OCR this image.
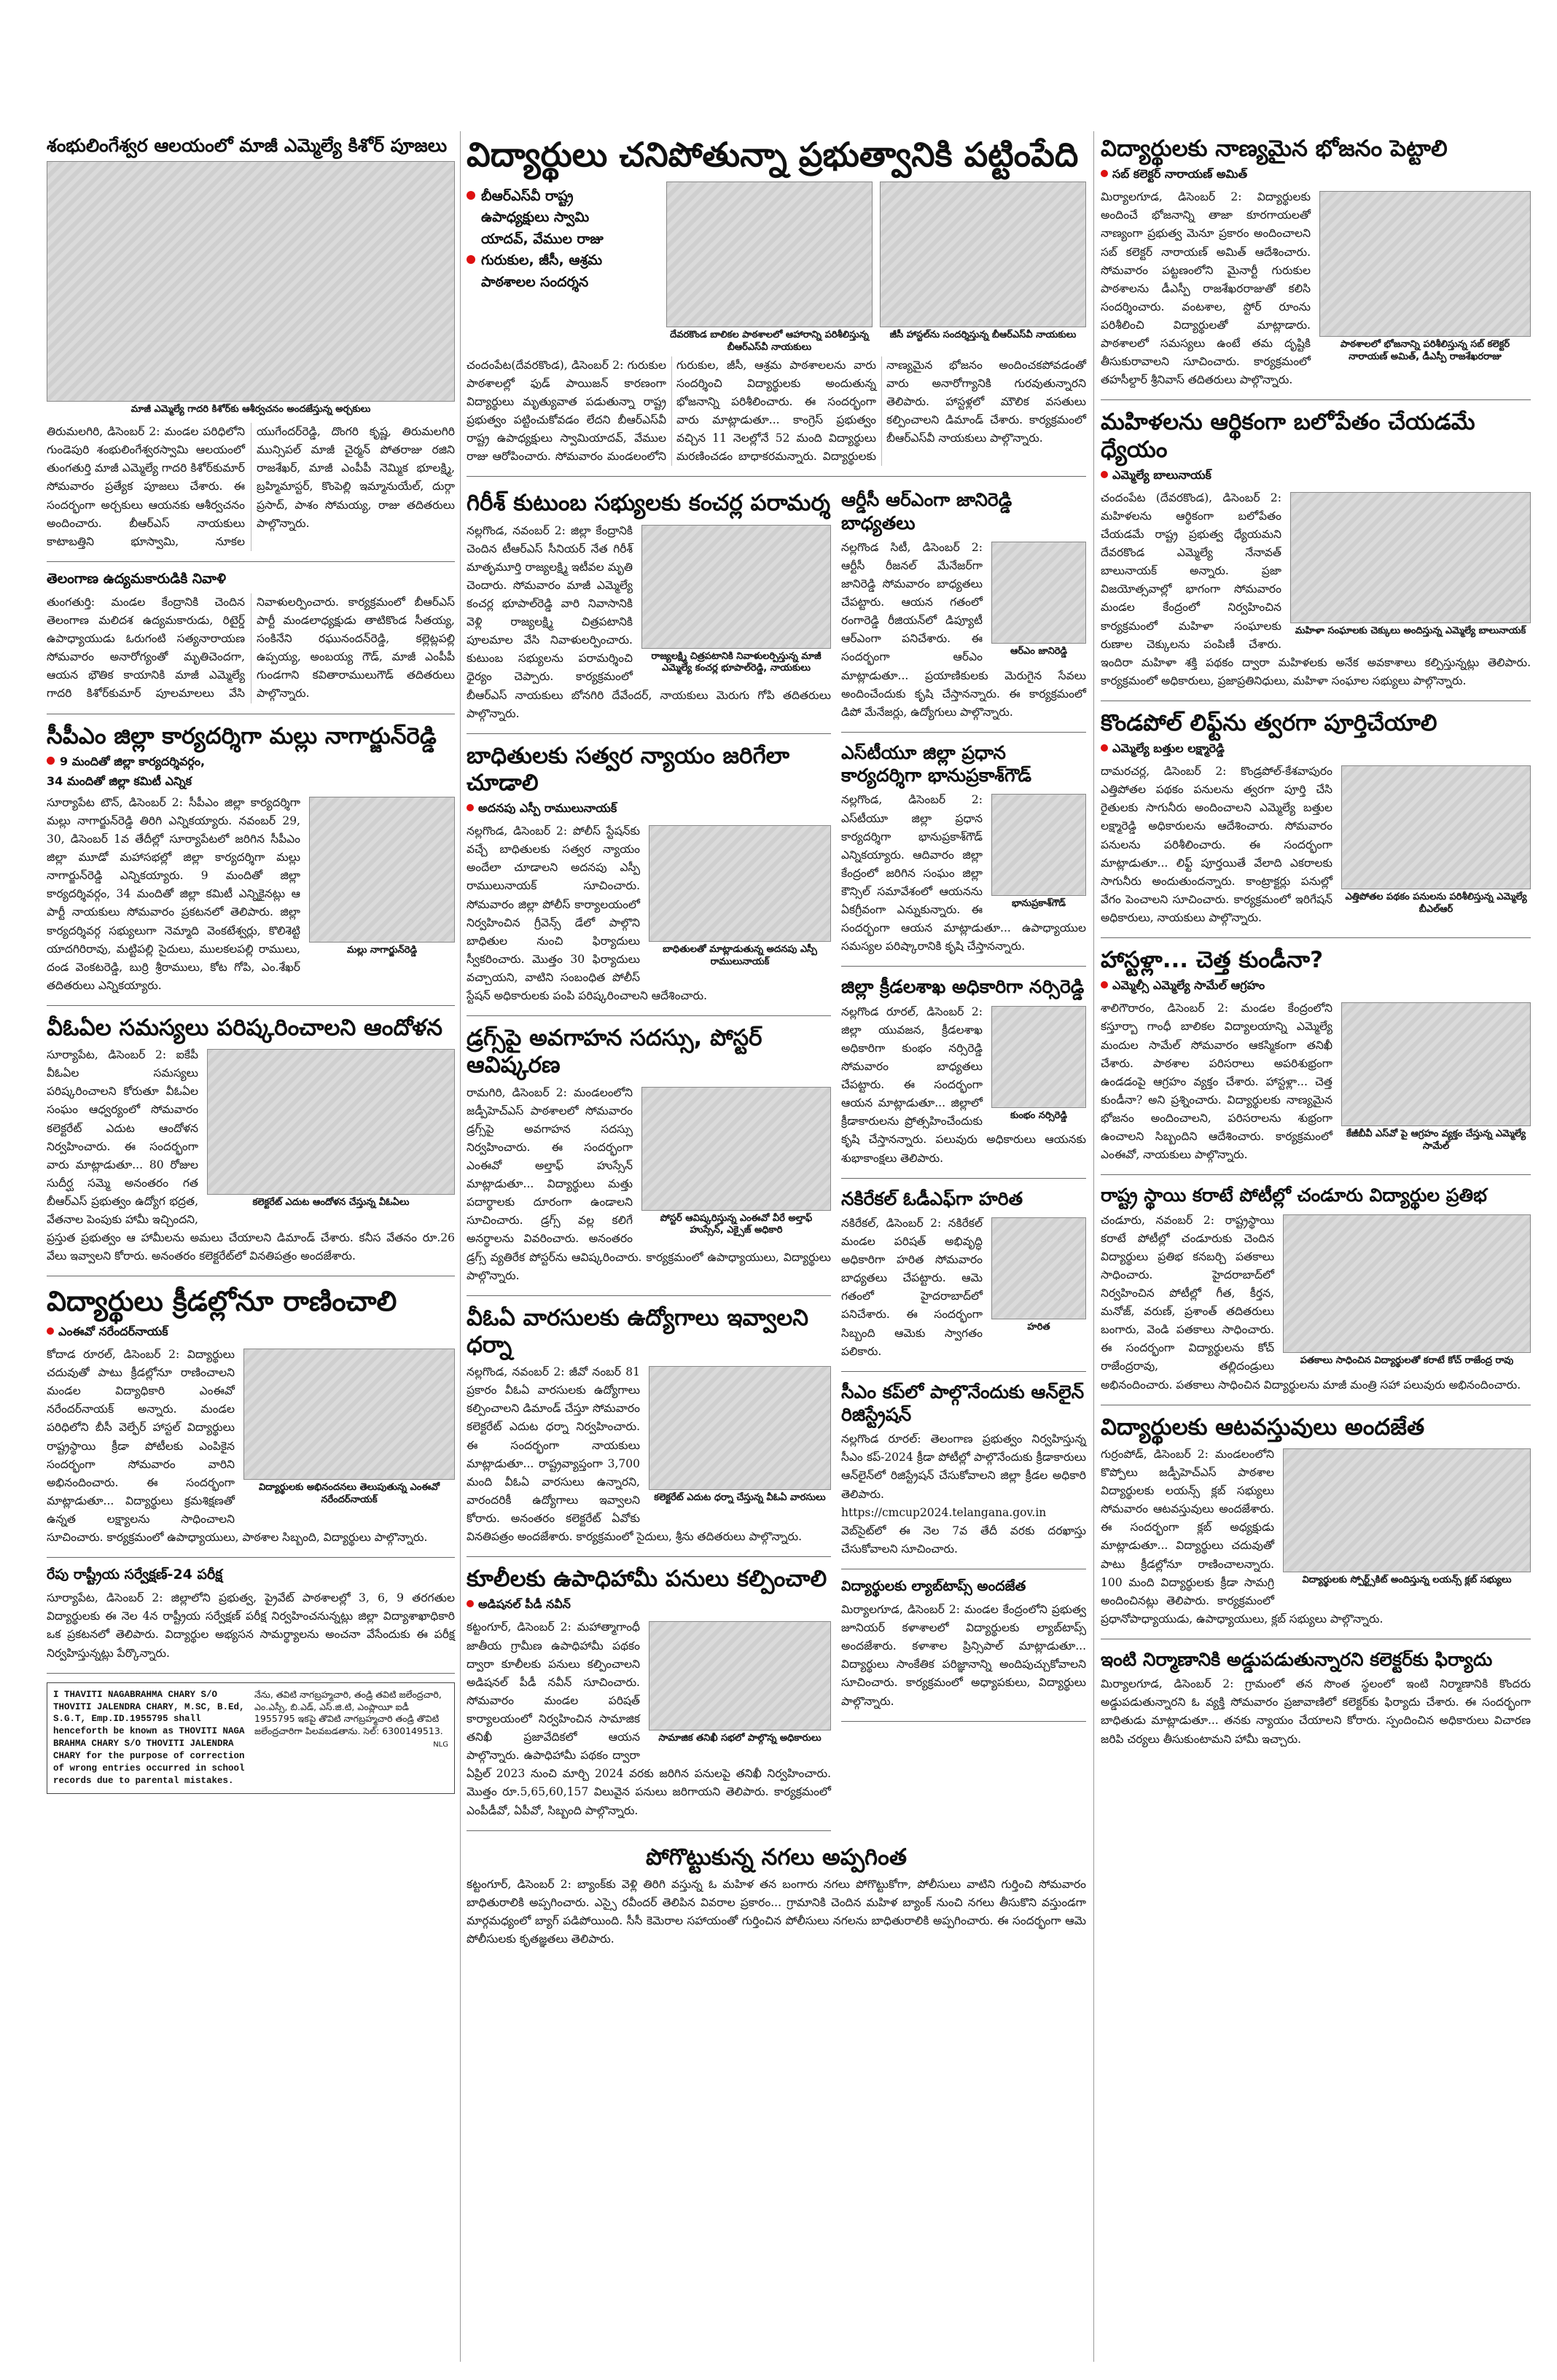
శంభులింగేశ్వర ఆలయంలో మాజీ ఎమ్మెల్యే కిశోర్ పూజలు
మాజీ ఎమ్మెల్యే గాదరి కిశోర్‌కు ఆశీర్వచనం అందజేస్తున్న అర్చకులు

తిరుమలగిరి, డిసెంబర్ 2: మండల పరిధిలోని గుండెపురి శంభులింగేశ్వరస్వామి ఆలయంలో తుంగతుర్తి మాజీ ఎమ్మెల్యే గాదరి కిశోర్‌కుమార్ సోమవారం ప్రత్యేక పూజలు చేశారు. ఈ సందర్భంగా అర్చకులు ఆయనకు ఆశీర్వచనం అందించారు. బీఆర్‌ఎస్ నాయకులు కాటాబత్తిని భూస్వామి, నూకల యుగేందర్‌రెడ్డి, దొంగరి కృష్ణ, తిరుమలగిరి మున్సిపల్ మాజీ చైర్మన్ పోతరాజు రజిని రాజశేఖర్, మాజీ ఎంపీపీ నెమ్మిక భూలక్ష్మి, బ్రహ్మిమాస్టర్, కొంపెల్లి ఇమ్మానుయేల్, దుర్గా ప్రసాద్, పాశం సోమయ్య, రాజు తదితరులు పాల్గొన్నారు.

తెలంగాణ ఉద్యమకారుడికి నివాళి

తుంగతుర్తి: మండల కేంద్రానికి చెందిన తెలంగాణ మలిదశ ఉద్యమకారుడు, రిటైర్డ్ ఉపాధ్యాయుడు ఓరుగంటి సత్యనారాయణ సోమవారం అనారోగ్యంతో మృతిచెందగా, ఆయన భౌతిక కాయానికి మాజీ ఎమ్మెల్యే గాదరి కిశోర్‌కుమార్ పూలమాలలు వేసి నివాళులర్పించారు. కార్యక్రమంలో బీఆర్‌ఎస్ పార్టీ మండలాధ్యక్షుడు తాటికొండ సీతయ్య, సంకినేని రఘునందన్‌రెడ్డి, కల్లెట్లపల్లి ఉప్పయ్య, అంబయ్య గౌడ్, మాజీ ఎంపీపీ గుండగాని కవితారాములుగౌడ్ తదితరులు పాల్గొన్నారు.

సీపీఎం జిల్లా కార్యదర్శిగా మల్లు నాగార్జున్‌రెడ్డి
9 మందితో జిల్లా కార్యదర్శివర్గం,
34 మందితో జిల్లా కమిటీ ఎన్నిక
మల్లు నాగార్జున్‌రెడ్డి

సూర్యాపేట టౌన్, డిసెంబర్ 2: సీపీఎం జిల్లా కార్యదర్శిగా మల్లు నాగార్జున్‌రెడ్డి తిరిగి ఎన్నికయ్యారు. నవంబర్ 29, 30, డిసెంబర్ 1వ తేదీల్లో సూర్యాపేటలో జరిగిన సీపీఎం జిల్లా మూడో మహాసభల్లో జిల్లా కార్యదర్శిగా మల్లు నాగార్జున్‌రెడ్డి ఎన్నికయ్యారు. 9 మందితో జిల్లా కార్యదర్శివర్గం, 34 మందితో జిల్లా కమిటీ ఎన్నికైనట్లు ఆ పార్టీ నాయకులు సోమవారం ప్రకటనలో తెలిపారు. జిల్లా కార్యదర్శివర్గ సభ్యులుగా నెమ్మాది వెంకటేశ్వర్లు, కొలిశెట్టి యాదగిరిరావు, మట్టిపల్లి సైదులు, ములకలపల్లి రాములు, దండ వెంకటరెడ్డి, బుర్రి శ్రీరాములు, కోట గోపి, ఎం.శేఖర్ తదితరులు ఎన్నికయ్యారు.

వీఓఏల సమస్యలు పరిష్కరించాలని ఆందోళన
కలెక్టరేట్ ఎదుట ఆందోళన చేస్తున్న వీఓఏలు

సూర్యాపేట, డిసెంబర్ 2: ఐకేపీ వీఓఏల సమస్యలు పరిష్కరించాలని కోరుతూ వీఓఏల సంఘం ఆధ్వర్యంలో సోమవారం కలెక్టరేట్ ఎదుట ఆందోళన నిర్వహించారు. ఈ సందర్భంగా వారు మాట్లాడుతూ... 80 రోజుల సుదీర్ఘ సమ్మె అనంతరం గత బీఆర్‌ఎస్ ప్రభుత్వం ఉద్యోగ భద్రత, వేతనాల పెంపుకు హామీ ఇచ్చిందని, ప్రస్తుత ప్రభుత్వం ఆ హామీలను అమలు చేయాలని డిమాండ్ చేశారు. కనీస వేతనం రూ.26 వేలు ఇవ్వాలని కోరారు. అనంతరం కలెక్టరేట్‌లో వినతిపత్రం అందజేశారు.

విద్యార్థులు క్రీడల్లోనూ రాణించాలి
ఎంఈవో నరేందర్‌నాయక్
విద్యార్థులకు అభినందనలు తెలుపుతున్న ఎంఈవో నరేందర్‌నాయక్

కోదాడ రూరల్, డిసెంబర్ 2: విద్యార్థులు చదువుతో పాటు క్రీడల్లోనూ రాణించాలని మండల విద్యాధికారి ఎంఈవో నరేందర్‌నాయక్ అన్నారు. మండల పరిధిలోని బీసీ వెల్ఫేర్ హాస్టల్ విద్యార్థులు రాష్ట్రస్థాయి క్రీడా పోటీలకు ఎంపికైన సందర్భంగా సోమవారం వారిని అభినందించారు. ఈ సందర్భంగా మాట్లాడుతూ... విద్యార్థులు క్రమశిక్షణతో ఉన్నత లక్ష్యాలను సాధించాలని సూచించారు. కార్యక్రమంలో ఉపాధ్యాయులు, పాఠశాల సిబ్బంది, విద్యార్థులు పాల్గొన్నారు.

రేపు రాష్ట్రీయ సర్వేక్షణ్-24 పరీక్ష

సూర్యాపేట, డిసెంబర్ 2: జిల్లాలోని ప్రభుత్వ, ప్రైవేట్ పాఠశాలల్లో 3, 6, 9 తరగతుల విద్యార్థులకు ఈ నెల 4న రాష్ట్రీయ సర్వేక్షణ్ పరీక్ష నిర్వహించనున్నట్లు జిల్లా విద్యాశాఖాధికారి ఒక ప్రకటనలో తెలిపారు. విద్యార్థుల అభ్యసన సామర్థ్యాలను అంచనా వేసేందుకు ఈ పరీక్ష నిర్వహిస్తున్నట్లు పేర్కొన్నారు.

I THAVITI NAGABRAHMA CHARY S/O THOVITI JALENDRA CHARY, M.SC, B.Ed, S.G.T, Emp.ID.1955795 shall henceforth be known as THOVITI NAGA BRAHMA CHARY S/O THOVITI JALENDRA CHARY for the purpose of correction of wrong entries occurred in school records due to parental mistakes.
నేను, తవిటి నాగబ్రహ్మచారి, తండ్రి తవిటి జలేంద్రచారి, ఎం.ఎస్సీ, బి.ఎడ్, ఎస్.జి.టి, ఎంప్లాయీ ఐడీ 1955795 ఇకపై తొవిటి నాగబ్రహ్మచారి తండ్రి తొవిటి జలేంద్రచారిగా పిలవబడతాను. సెల్: 6300149513.
NLG
విద్యార్థులు చనిపోతున్నా ప్రభుత్వానికి పట్టింపేది
బీఆర్‌ఎస్‌వీ రాష్ట్ర
ఉపాధ్యక్షులు స్వామి
యాదవ్, వేముల రాజు
గురుకుల, జీసీ, ఆశ్రమ
పాఠశాలల సందర్శన
దేవరకొండ బాలికల పాఠశాలలో ఆహారాన్ని పరిశీలిస్తున్న బీఆర్‌ఎస్‌వీ నాయకులు
జీసీ హాస్టల్‌ను సందర్శిస్తున్న బీఆర్‌ఎస్‌వీ నాయకులు

చందంపేట(దేవరకొండ), డిసెంబర్ 2: గురుకుల పాఠశాలల్లో ఫుడ్ పాయిజన్ కారణంగా విద్యార్థులు మృత్యువాత పడుతున్నా రాష్ట్ర ప్రభుత్వం పట్టించుకోవడం లేదని బీఆర్‌ఎస్‌వీ రాష్ట్ర ఉపాధ్యక్షులు స్వామియాదవ్, వేముల రాజు ఆరోపించారు. సోమవారం మండలంలోని గురుకుల, జీసీ, ఆశ్రమ పాఠశాలలను వారు సందర్శించి విద్యార్థులకు అందుతున్న భోజనాన్ని పరిశీలించారు. ఈ సందర్భంగా వారు మాట్లాడుతూ... కాంగ్రెస్ ప్రభుత్వం వచ్చిన 11 నెలల్లోనే 52 మంది విద్యార్థులు మరణించడం బాధాకరమన్నారు. విద్యార్థులకు నాణ్యమైన భోజనం అందించకపోవడంతో వారు అనారోగ్యానికి గురవుతున్నారని తెలిపారు. హాస్టళ్లలో మౌలిక వసతులు కల్పించాలని డిమాండ్ చేశారు. కార్యక్రమంలో బీఆర్‌ఎస్‌వీ నాయకులు పాల్గొన్నారు.

గిరీశ్ కుటుంబ సభ్యులకు కంచర్ల పరామర్శ
రాజ్యలక్ష్మి చిత్రపటానికి నివాళులర్పిస్తున్న మాజీ ఎమ్మెల్యే కంచర్ల భూపాల్‌రెడ్డి, నాయకులు

నల్లగొండ, నవంబర్ 2: జిల్లా కేంద్రానికి చెందిన టీఆర్‌ఎస్ సీనియర్ నేత గిరీశ్ మాతృమూర్తి రాజ్యలక్ష్మి ఇటీవల మృతి చెందారు. సోమవారం మాజీ ఎమ్మెల్యే కంచర్ల భూపాల్‌రెడ్డి వారి నివాసానికి వెళ్లి రాజ్యలక్ష్మి చిత్రపటానికి పూలమాల వేసి నివాళులర్పించారు. కుటుంబ సభ్యులను పరామర్శించి ధైర్యం చెప్పారు. కార్యక్రమంలో బీఆర్‌ఎస్ నాయకులు బోనగిరి దేవేందర్, నాయకులు మెరుగు గోపి తదితరులు పాల్గొన్నారు.

బాధితులకు సత్వర న్యాయం జరిగేలా చూడాలి
అదనపు ఎస్పీ రాములునాయక్
బాధితులతో మాట్లాడుతున్న అదనపు ఎస్పీ రాములునాయక్

నల్లగొండ, డిసెంబర్ 2: పోలీస్ స్టేషన్‌కు వచ్చే బాధితులకు సత్వర న్యాయం అందేలా చూడాలని అదనపు ఎస్పీ రాములునాయక్ సూచించారు. సోమవారం జిల్లా పోలీస్ కార్యాలయంలో నిర్వహించిన గ్రీవెన్స్ డేలో పాల్గొని బాధితుల నుంచి ఫిర్యాదులు స్వీకరించారు. మొత్తం 30 ఫిర్యాదులు వచ్చాయని, వాటిని సంబంధిత పోలీస్ స్టేషన్ అధికారులకు పంపి పరిష్కరించాలని ఆదేశించారు.

డ్రగ్స్‌పై అవగాహన సదస్సు, పోస్టర్ ఆవిష్కరణ
పోస్టర్ ఆవిష్కరిస్తున్న ఎంఈవో వీరే అల్తాఫ్ హుస్సేన్, ఎక్సైజ్ అధికారి

రామగిరి, డిసెంబర్ 2: మండలంలోని జడ్పీహెచ్‌ఎస్ పాఠశాలలో సోమవారం డ్రగ్స్‌పై అవగాహన సదస్సు నిర్వహించారు. ఈ సందర్భంగా ఎంఈవో అల్తాఫ్ హుస్సేన్ మాట్లాడుతూ... విద్యార్థులు మత్తు పదార్థాలకు దూరంగా ఉండాలని సూచించారు. డ్రగ్స్ వల్ల కలిగే అనర్థాలను వివరించారు. అనంతరం డ్రగ్స్ వ్యతిరేక పోస్టర్‌ను ఆవిష్కరించారు. కార్యక్రమంలో ఉపాధ్యాయులు, విద్యార్థులు పాల్గొన్నారు.

వీఓఏ వారసులకు ఉద్యోగాలు ఇవ్వాలని ధర్నా
కలెక్టరేట్ ఎదుట ధర్నా చేస్తున్న వీఓఏ వారసులు

నల్లగొండ, నవంబర్ 2: జీవో నంబర్ 81 ప్రకారం వీఓఏ వారసులకు ఉద్యోగాలు కల్పించాలని డిమాండ్ చేస్తూ సోమవారం కలెక్టరేట్ ఎదుట ధర్నా నిర్వహించారు. ఈ సందర్భంగా నాయకులు మాట్లాడుతూ... రాష్ట్రవ్యాప్తంగా 3,700 మంది వీఓఏ వారసులు ఉన్నారని, వారందరికీ ఉద్యోగాలు ఇవ్వాలని కోరారు. అనంతరం కలెక్టరేట్ ఏవోకు వినతిపత్రం అందజేశారు. కార్యక్రమంలో సైదులు, శ్రీను తదితరులు పాల్గొన్నారు.

కూలీలకు ఉపాధిహామీ పనులు కల్పించాలి
అడిషనల్ పీడీ నవీన్
సామాజిక తనిఖీ సభలో పాల్గొన్న అధికారులు

కట్టంగూర్, డిసెంబర్ 2: మహాత్మాగాంధీ జాతీయ గ్రామీణ ఉపాధిహామీ పథకం ద్వారా కూలీలకు పనులు కల్పించాలని అడిషనల్ పీడీ నవీన్ సూచించారు. సోమవారం మండల పరిషత్ కార్యాలయంలో నిర్వహించిన సామాజిక తనిఖీ ప్రజావేదికలో ఆయన పాల్గొన్నారు. ఉపాధిహామీ పథకం ద్వారా ఏప్రిల్ 2023 నుంచి మార్చి 2024 వరకు జరిగిన పనులపై తనిఖీ నిర్వహించారు. మొత్తం రూ.5,65,60,157 విలువైన పనులు జరిగాయని తెలిపారు. కార్యక్రమంలో ఎంపీడీవో, ఏపీవో, సిబ్బంది పాల్గొన్నారు.

ఆర్డీసీ ఆర్‌ఎంగా జానిరెడ్డి బాధ్యతలు
ఆర్‌ఎం జానిరెడ్డి

నల్లగొండ సిటీ, డిసెంబర్ 2: ఆర్టీసీ రీజనల్ మేనేజర్‌గా జానిరెడ్డి సోమవారం బాధ్యతలు చేపట్టారు. ఆయన గతంలో రంగారెడ్డి రీజియన్‌లో డిప్యూటీ ఆర్‌ఎంగా పనిచేశారు. ఈ సందర్భంగా ఆర్‌ఎం మాట్లాడుతూ... ప్రయాణికులకు మెరుగైన సేవలు అందించేందుకు కృషి చేస్తానన్నారు. ఈ కార్యక్రమంలో డిపో మేనేజర్లు, ఉద్యోగులు పాల్గొన్నారు.

ఎస్‌టీయూ జిల్లా ప్రధాన కార్యదర్శిగా భానుప్రకాశ్‌గౌడ్
భానుప్రకాశ్‌గౌడ్

నల్లగొండ, డిసెంబర్ 2: ఎస్‌టీయూ జిల్లా ప్రధాన కార్యదర్శిగా భానుప్రకాశ్‌గౌడ్ ఎన్నికయ్యారు. ఆదివారం జిల్లా కేంద్రంలో జరిగిన సంఘం జిల్లా కౌన్సిల్ సమావేశంలో ఆయనను ఏకగ్రీవంగా ఎన్నుకున్నారు. ఈ సందర్భంగా ఆయన మాట్లాడుతూ... ఉపాధ్యాయుల సమస్యల పరిష్కారానికి కృషి చేస్తానన్నారు.

జిల్లా క్రీడలశాఖ అధికారిగా నర్సిరెడ్డి
కుంభం నర్సిరెడ్డి

నల్లగొండ రూరల్, డిసెంబర్ 2: జిల్లా యువజన, క్రీడలశాఖ అధికారిగా కుంభం నర్సిరెడ్డి సోమవారం బాధ్యతలు చేపట్టారు. ఈ సందర్భంగా ఆయన మాట్లాడుతూ... జిల్లాలో క్రీడాకారులను ప్రోత్సహించేందుకు కృషి చేస్తానన్నారు. పలువురు అధికారులు ఆయనకు శుభాకాంక్షలు తెలిపారు.

నకిరేకల్ ఓడీఎఫ్‌గా హరిత
హరిత

నకిరేకల్, డిసెంబర్ 2: నకిరేకల్ మండల పరిషత్ అభివృద్ధి అధికారిగా హరిత సోమవారం బాధ్యతలు చేపట్టారు. ఆమె గతంలో హైదరాబాద్‌లో పనిచేశారు. ఈ సందర్భంగా సిబ్బంది ఆమెకు స్వాగతం పలికారు.

సీఎం కప్‌లో పాల్గొనేందుకు ఆన్‌లైన్ రిజిస్ట్రేషన్

నల్లగొండ రూరల్: తెలంగాణ ప్రభుత్వం నిర్వహిస్తున్న సీఎం కప్-2024 క్రీడా పోటీల్లో పాల్గొనేందుకు క్రీడాకారులు ఆన్‌లైన్‌లో రిజిస్ట్రేషన్ చేసుకోవాలని జిల్లా క్రీడల అధికారి తెలిపారు. https://cmcup2024.telangana.gov.in వెబ్‌సైట్‌లో ఈ నెల 7వ తేదీ వరకు దరఖాస్తు చేసుకోవాలని సూచించారు.

విద్యార్థులకు ల్యాబ్‌టాప్స్ అందజేత

మిర్యాలగూడ, డిసెంబర్ 2: మండల కేంద్రంలోని ప్రభుత్వ జూనియర్ కళాశాలలో విద్యార్థులకు ల్యాబ్‌టాప్స్ అందజేశారు. కళాశాల ప్రిన్సిపాల్ మాట్లాడుతూ... విద్యార్థులు సాంకేతిక పరిజ్ఞానాన్ని అందిపుచ్చుకోవాలని సూచించారు. కార్యక్రమంలో అధ్యాపకులు, విద్యార్థులు పాల్గొన్నారు.

పోగొట్టుకున్న నగలు అప్పగింత

కట్టంగూర్, డిసెంబర్ 2: బ్యాంక్‌కు వెళ్లి తిరిగి వస్తున్న ఓ మహిళ తన బంగారు నగలు పోగొట్టుకోగా, పోలీసులు వాటిని గుర్తించి సోమవారం బాధితురాలికి అప్పగించారు. ఎస్సై రవీందర్ తెలిపిన వివరాల ప్రకారం... గ్రామానికి చెందిన మహిళ బ్యాంక్ నుంచి నగలు తీసుకొని వస్తుండగా మార్గమధ్యంలో బ్యాగ్ పడిపోయింది. సీసీ కెమెరాల సహాయంతో గుర్తించిన పోలీసులు నగలను బాధితురాలికి అప్పగించారు. ఈ సందర్భంగా ఆమె పోలీసులకు కృతజ్ఞతలు తెలిపారు.

విద్యార్థులకు నాణ్యమైన భోజనం పెట్టాలి
సబ్ కలెక్టర్ నారాయణ్ అమిత్
పాఠశాలలో భోజనాన్ని పరిశీలిస్తున్న సబ్ కలెక్టర్ నారాయణ్ అమిత్, డీఎస్పీ రాజశేఖరరాజు

మిర్యాలగూడ, డిసెంబర్ 2: విద్యార్థులకు అందించే భోజనాన్ని తాజా కూరగాయలతో నాణ్యంగా ప్రభుత్వ మెనూ ప్రకారం అందించాలని సబ్ కలెక్టర్ నారాయణ్ అమిత్ ఆదేశించారు. సోమవారం పట్టణంలోని మైనార్టీ గురుకుల పాఠశాలను డీఎస్పీ రాజశేఖరరాజుతో కలిసి సందర్శించారు. వంటశాల, స్టోర్ రూంను పరిశీలించి విద్యార్థులతో మాట్లాడారు. పాఠశాలలో సమస్యలు ఉంటే తమ దృష్టికి తీసుకురావాలని సూచించారు. కార్యక్రమంలో తహసీల్దార్ శ్రీనివాస్ తదితరులు పాల్గొన్నారు.

మహిళలను ఆర్థికంగా బలోపేతం చేయడమే ధ్యేయం
ఎమ్మెల్యే బాలునాయక్
మహిళా సంఘాలకు చెక్కులు అందిస్తున్న ఎమ్మెల్యే బాలునాయక్

చందంపేట (దేవరకొండ), డిసెంబర్ 2: మహిళలను ఆర్థికంగా బలోపేతం చేయడమే రాష్ట్ర ప్రభుత్వ ధ్యేయమని దేవరకొండ ఎమ్మెల్యే నేనావత్ బాలునాయక్ అన్నారు. ప్రజా విజయోత్సవాల్లో భాగంగా సోమవారం మండల కేంద్రంలో నిర్వహించిన కార్యక్రమంలో మహిళా సంఘాలకు రుణాల చెక్కులను పంపిణీ చేశారు. ఇందిరా మహిళా శక్తి పథకం ద్వారా మహిళలకు అనేక అవకాశాలు కల్పిస్తున్నట్లు తెలిపారు. కార్యక్రమంలో అధికారులు, ప్రజాప్రతినిధులు, మహిళా సంఘాల సభ్యులు పాల్గొన్నారు.

కొండపోల్ లిఫ్ట్‌ను త్వరగా పూర్తిచేయాలి
ఎమ్మెల్యే బత్తుల లక్ష్మారెడ్డి
ఎత్తిపోతల పథకం పనులను పరిశీలిస్తున్న ఎమ్మెల్యే బీఎల్‌ఆర్

దామరచర్ల, డిసెంబర్ 2: కొండ్రపోల్-కేశవాపురం ఎత్తిపోతల పథకం పనులను త్వరగా పూర్తి చేసి రైతులకు సాగునీరు అందించాలని ఎమ్మెల్యే బత్తుల లక్ష్మారెడ్డి అధికారులను ఆదేశించారు. సోమవారం పనులను పరిశీలించారు. ఈ సందర్భంగా మాట్లాడుతూ... లిఫ్ట్ పూర్తయితే వేలాది ఎకరాలకు సాగునీరు అందుతుందన్నారు. కాంట్రాక్టర్లు పనుల్లో వేగం పెంచాలని సూచించారు. కార్యక్రమంలో ఇరిగేషన్ అధికారులు, నాయకులు పాల్గొన్నారు.

హాస్టళ్లా... చెత్త కుండీనా?
ఎమ్మెల్సీ ఎమ్మెల్యే సామేల్ ఆగ్రహం
కేజీబీవీ ఎస్‌వో పై ఆగ్రహం వ్యక్తం చేస్తున్న ఎమ్మెల్యే సామేల్

శాలిగౌరారం, డిసెంబర్ 2: మండల కేంద్రంలోని కస్తూర్బా గాంధీ బాలికల విద్యాలయాన్ని ఎమ్మెల్యే మందుల సామేల్ సోమవారం ఆకస్మికంగా తనిఖీ చేశారు. పాఠశాల పరిసరాలు అపరిశుభ్రంగా ఉండడంపై ఆగ్రహం వ్యక్తం చేశారు. హాస్టళ్లా... చెత్త కుండీనా? అని ప్రశ్నించారు. విద్యార్థులకు నాణ్యమైన భోజనం అందించాలని, పరిసరాలను శుభ్రంగా ఉంచాలని సిబ్బందిని ఆదేశించారు. కార్యక్రమంలో ఎంఈవో, నాయకులు పాల్గొన్నారు.

రాష్ట్ర స్థాయి కరాటే పోటీల్లో చండూరు విద్యార్థుల ప్రతిభ
పతకాలు సాధించిన విద్యార్థులతో కరాటే కోచ్ రాజేంద్ర రావు

చండూరు, నవంబర్ 2: రాష్ట్రస్థాయి కరాటే పోటీల్లో చండూరుకు చెందిన విద్యార్థులు ప్రతిభ కనబర్చి పతకాలు సాధించారు. హైదరాబాద్‌లో నిర్వహించిన పోటీల్లో గీత, కీర్తన, మనోజ్, వరుణ్, ప్రశాంత్ తదితరులు బంగారు, వెండి పతకాలు సాధించారు. ఈ సందర్భంగా విద్యార్థులను కోచ్ రాజేంద్రరావు, తల్లిదండ్రులు అభినందించారు. పతకాలు సాధించిన విద్యార్థులను మాజీ మంత్రి సహా పలువురు అభినందించారు.

విద్యార్థులకు ఆటవస్తువులు అందజేత
విద్యార్థులకు స్పోర్ట్స్‌కిట్ అందిస్తున్న లయన్స్ క్లబ్ సభ్యులు

గుర్రంపోడ్, డిసెంబర్ 2: మండలంలోని కొప్పోలు జడ్పీహెచ్‌ఎస్ పాఠశాల విద్యార్థులకు లయన్స్ క్లబ్ సభ్యులు సోమవారం ఆటవస్తువులు అందజేశారు. ఈ సందర్భంగా క్లబ్ అధ్యక్షుడు మాట్లాడుతూ... విద్యార్థులు చదువుతో పాటు క్రీడల్లోనూ రాణించాలన్నారు. 100 మంది విద్యార్థులకు క్రీడా సామగ్రి అందించినట్లు తెలిపారు. కార్యక్రమంలో ప్రధానోపాధ్యాయుడు, ఉపాధ్యాయులు, క్లబ్ సభ్యులు పాల్గొన్నారు.

ఇంటి నిర్మాణానికి అడ్డుపడుతున్నారని కలెక్టర్‌కు ఫిర్యాదు

మిర్యాలగూడ, డిసెంబర్ 2: గ్రామంలో తన సొంత స్థలంలో ఇంటి నిర్మాణానికి కొందరు అడ్డుపడుతున్నారని ఓ వ్యక్తి సోమవారం ప్రజావాణిలో కలెక్టర్‌కు ఫిర్యాదు చేశారు. ఈ సందర్భంగా బాధితుడు మాట్లాడుతూ... తనకు న్యాయం చేయాలని కోరారు. స్పందించిన అధికారులు విచారణ జరిపి చర్యలు తీసుకుంటామని హామీ ఇచ్చారు.
